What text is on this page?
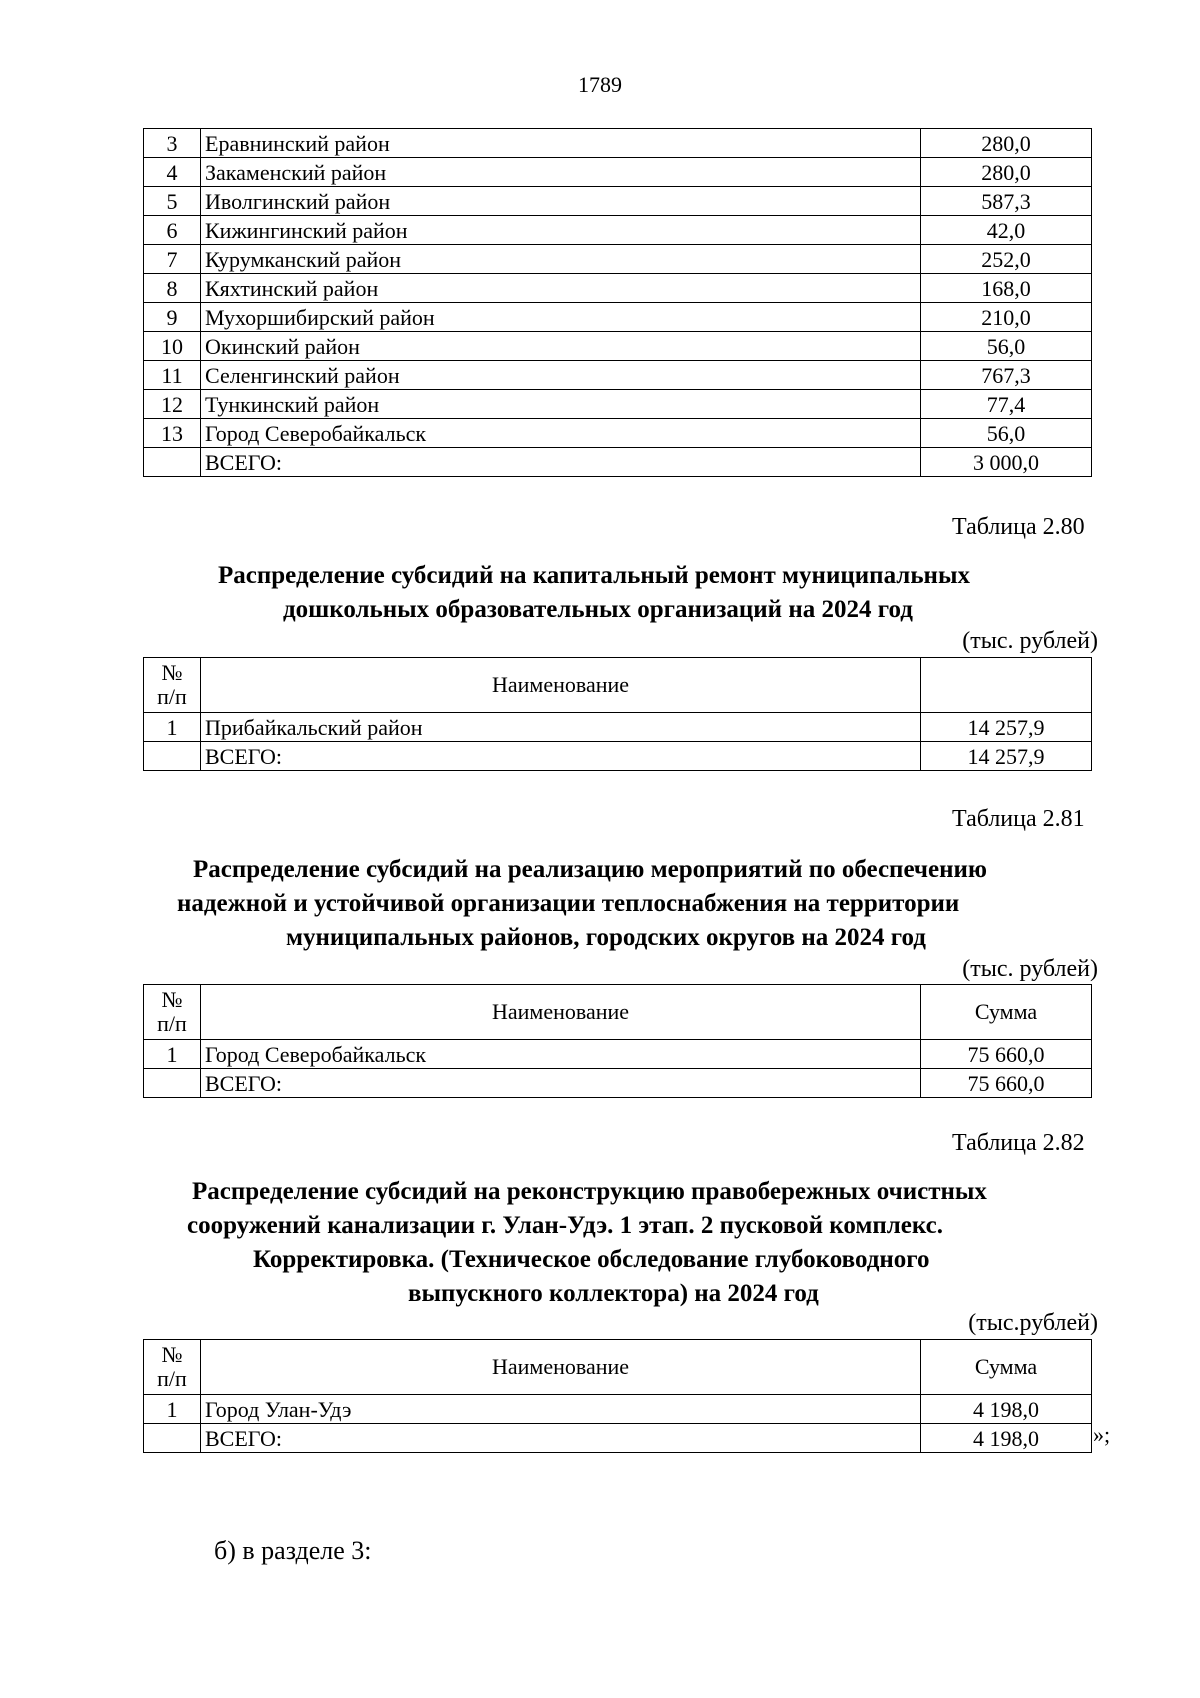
1789
3	Еравнинский район	280,0
4	Закаменский район	280,0
5	Иволгинский район	587,3
6	Кижингинский район	42,0
7	Курумканский район	252,0
8	Кяхтинский район	168,0
9	Мухоршибирский район	210,0
10	Окинский район	56,0
11	Селенгинский район	767,3
12	Тункинский район	77,4
13	Город Северобайкальск	56,0
	ВСЕГО:	3 000,0
Таблица 2.80
Распределение субсидий на капитальный ремонт муниципальных
дошкольных образовательных организаций на 2024 год
(тыс. рублей)
№
п/п	Наименование	
1	Прибайкальский район	14 257,9
	ВСЕГО:	14 257,9
Таблица 2.81
Распределение субсидий на реализацию мероприятий по обеспечению
надежной и устойчивой организации теплоснабжения на территории
муниципальных районов, городских округов на 2024 год
(тыс. рублей)
№
п/п	Наименование	Сумма
1	Город Северобайкальск	75 660,0
	ВСЕГО:	75 660,0
Таблица 2.82
Распределение субсидий на реконструкцию правобережных очистных
сооружений канализации г. Улан-Удэ. 1 этап. 2 пусковой комплекс.
Корректировка. (Техническое обследование глубоководного
выпускного коллектора) на 2024 год
(тыс.рублей)
№
п/п	Наименование	Сумма
1	Город Улан-Удэ	4 198,0
	ВСЕГО:	4 198,0 »;
б) в разделе 3:
